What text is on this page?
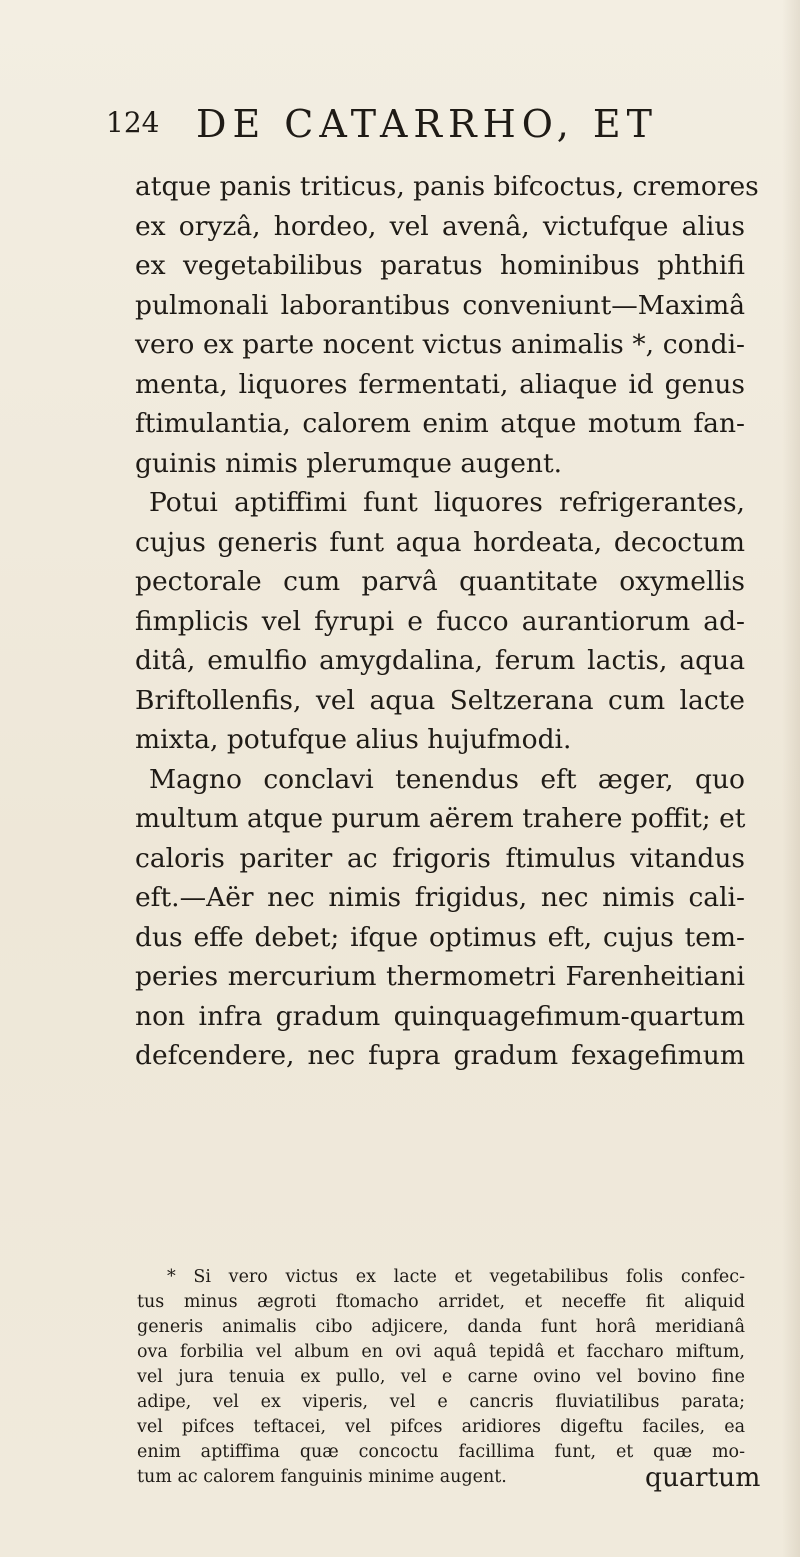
124 DE CATARRHO, ET
atque panis triticus, panis bifcoctus, cremores
ex oryzâ, hordeo, vel avenâ, victufque alius
ex vegetabilibus paratus hominibus phthifi
pulmonali laborantibus conveniunt—Maximâ
vero ex parte nocent victus animalis *, condi-
menta, liquores fermentati, aliaque id genus
ftimulantia, calorem enim atque motum fan-
guinis nimis plerumque augent.
Potui aptiffimi funt liquores refrigerantes,
cujus generis funt aqua hordeata, decoctum
pectorale cum parvâ quantitate oxymellis
fimplicis vel fyrupi e fucco aurantiorum ad-
ditâ, emulfio amygdalina, ferum lactis, aqua
Briftollenfis, vel aqua Seltzerana cum lacte
mixta, potufque alius hujufmodi.
Magno conclavi tenendus eft æger, quo
multum atque purum aërem trahere poffit; et
caloris pariter ac frigoris ftimulus vitandus
eft.—Aër nec nimis frigidus, nec nimis cali-
dus effe debet; ifque optimus eft, cujus tem-
peries mercurium thermometri Farenheitiani
non infra gradum quinquagefimum-quartum
defcendere, nec fupra gradum fexagefimum
* Si vero victus ex lacte et vegetabilibus folis confec-
tus minus ægroti ftomacho arridet, et neceffe fit aliquid
generis animalis cibo adjicere, danda funt horâ meridianâ
ova forbilia vel album en ovi aquâ tepidâ et faccharo miftum,
vel jura tenuia ex pullo, vel e carne ovino vel bovino fine
adipe, vel ex viperis, vel e cancris fluviatilibus parata;
vel pifces teftacei, vel pifces aridiores digeftu faciles, ea
enim aptiffima quæ concoctu facillima funt, et quæ mo-
tum ac calorem fanguinis minime augent.	quartum
